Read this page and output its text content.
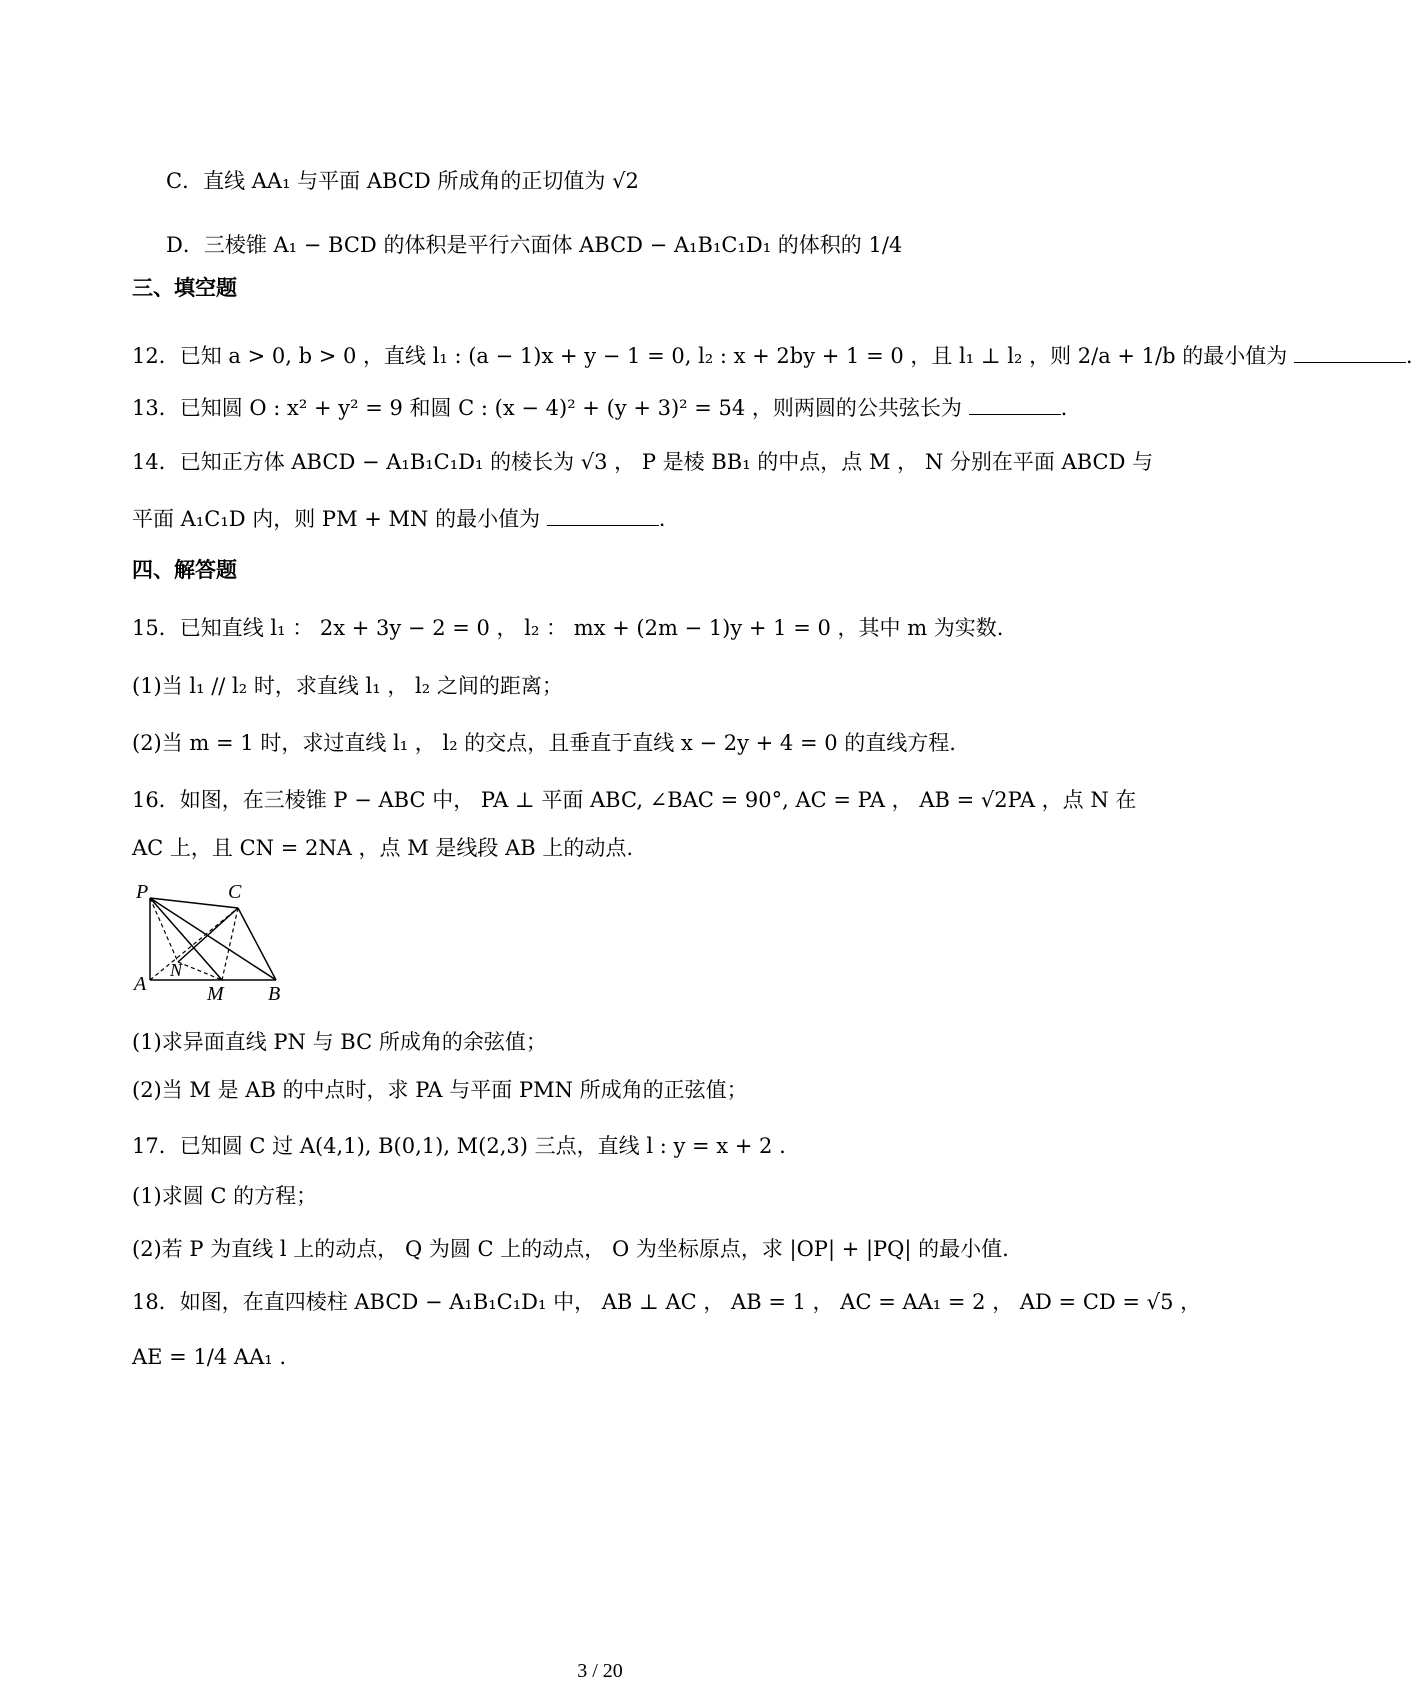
C．直线 AA₁ 与平面 ABCD 所成角的正切值为 √2
D．三棱锥 A₁ − BCD 的体积是平行六面体 ABCD − A₁B₁C₁D₁ 的体积的 1/4
三、填空题
12．已知 a > 0, b > 0 ，直线 l₁ : (a − 1)x + y − 1 = 0, l₂ : x + 2by + 1 = 0 ，且 l₁ ⊥ l₂ ，则 2/a + 1/b 的最小值为	.
13．已知圆 O : x² + y² = 9 和圆 C : (x − 4)² + (y + 3)² = 54 ，则两圆的公共弦长为	.
14．已知正方体 ABCD − A₁B₁C₁D₁ 的棱长为 √3 ， P 是棱 BB₁ 的中点，点 M ， N 分别在平面 ABCD 与
平面 A₁C₁D 内，则 PM + MN 的最小值为	.
四、解答题
15．已知直线 l₁ ： 2x + 3y − 2 = 0 ， l₂ ： mx + (2m − 1)y + 1 = 0 ，其中 m 为实数.
(1)当 l₁ // l₂ 时，求直线 l₁ ， l₂ 之间的距离；
(2)当 m = 1 时，求过直线 l₁ ， l₂ 的交点，且垂直于直线 x − 2y + 4 = 0 的直线方程.
16．如图，在三棱锥 P − ABC 中， PA ⊥ 平面 ABC, ∠BAC = 90°, AC = PA ， AB = √2PA ，点 N 在
AC 上，且 CN = 2NA ，点 M 是线段 AB 上的动点.
P	C
A
N
M B
(1)求异面直线 PN 与 BC 所成角的余弦值；
(2)当 M 是 AB 的中点时，求 PA 与平面 PMN 所成角的正弦值；
17．已知圆 C 过 A(4,1), B(0,1), M(2,3) 三点，直线 l : y = x + 2 .
(1)求圆 C 的方程；
(2)若 P 为直线 l 上的动点， Q 为圆 C 上的动点， O 为坐标原点，求 |OP| + |PQ| 的最小值.
18．如图，在直四棱柱 ABCD − A₁B₁C₁D₁ 中， AB ⊥ AC ， AB = 1 ， AC = AA₁ = 2 ， AD = CD = √5 ，
AE = 1/4 AA₁ .
3 / 20
